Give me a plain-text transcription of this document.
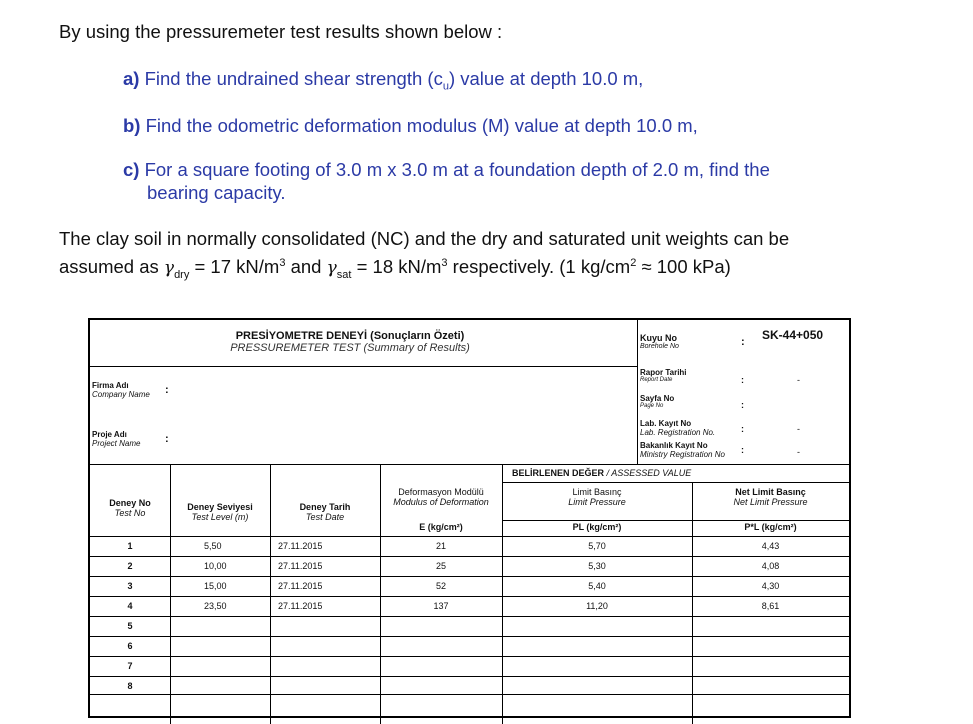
By using the pressuremeter test results shown below :
a) Find the undrained shear strength $(c_u)$ value at depth 10.0 m,
b) Find the odometric deformation modulus (M) value at depth 10.0 m,
c) For a square footing of 3.0 m x 3.0 m at a foundation depth of 2.0 m, find the
bearing capacity.
The clay soil in normally consolidated (NC) and the dry and saturated unit weights can be
assumed as $\gamma_{dry} = 17$ $kN/m^3$ and $\gamma_{sat} = 18$ $kN/m^3$ respectively. (1 $kg/cm^2 \approx 100$ kPa)
PRESİYOMETRE DENEYİ (Sonuçların Özeti)
PRESSUREMETER TEST (Summary of Results)
Kuyu No
Borehole No	: SK-44+050
Rapor Tarihi
Report Date	:	-
Sayfa No
Page No	:
Lab. Kayıt No
Lab. Registration No.	:	-
Bakanlık Kayıt No
Ministry Registration No :	-
Firma Adı
Company Name :
Proje Adı
Project Name :
BELİRLENEN DEĞER / ASSESSED VALUE
Deney No
Test No
Deney Seviyesi
Test Level (m)
Deney Tarih
Test Date
Deformasyon Modülü
Modulus of Deformation
E (kg/cm²)
Limit Basınç
Limit Pressure
PL (kg/cm²)
Net Limit Basınç
Net Limit Pressure
P*L (kg/cm²)
1	5,50	27.11.2015	21	5,70	4,43
2	10,00	27.11.2015	25	5,30	4,08
3	15,00	27.11.2015	52	5,40	4,30
4	23,50	27.11.2015	137	11,20	8,61
5
6
7
8
